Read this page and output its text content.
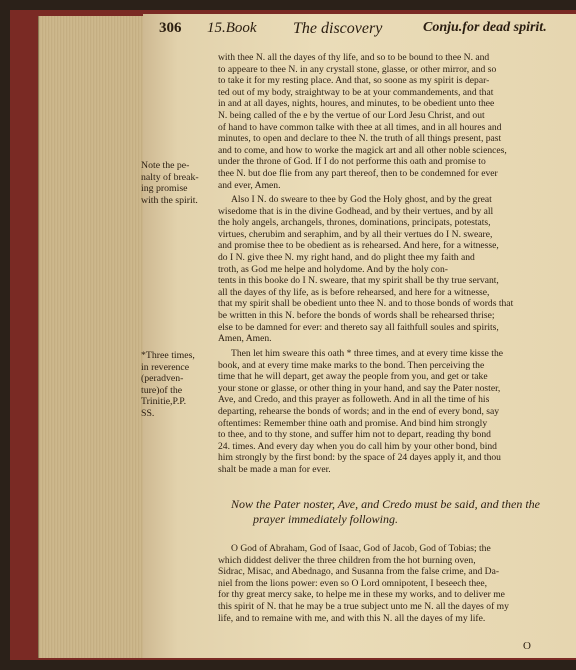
306 15.Book The discovery	Conju.for dead spirit.
with thee N. all the dayes of thy life, and so to be bound to thee N. and
to appeare to thee N. in any crystall stone, glasse, or other mirror, and so
to take it for my resting place. And that, so soone as my spirit is depar-
ted out of my body, straightway to be at your commandements, and that
in and at all dayes, nights, houres, and minutes, to be obedient unto thee
N. being called of the e by the vertue of our Lord Jesu Christ, and out
of hand to have common talke with thee at all times, and in all houres and
minutes, to open and declare to thee N. the truth of all things present, past
and to come, and how to worke the magick art and all other noble sciences,
under the throne of God. If I do not performe this oath and promise to
thee N. but doe flie from any part thereof, then to be condemned for ever
and ever, Amen.
Also I N. do sweare to thee by God the Holy ghost, and by the great
wisedome that is in the divine Godhead, and by their vertues, and by all
the holy angels, archangels, thrones, dominations, principats, potestats,
virtues, cherubim and seraphim, and by all their vertues do I N. sweare,
and promise thee to be obedient as is rehearsed. And here, for a witnesse,
do I N. give thee N. my right hand, and do plight thee my faith and
troth, as God me helpe and holydome. And by the holy con-
tents in this booke do I N. sweare, that my spirit shall be thy true servant,
all the dayes of thy life, as is before rehearsed, and here for a witnesse,
that my spirit shall be obedient unto thee N. and to those bonds of words that
be written in this N. before the bonds of words shall be rehearsed thrise;
else to be damned for ever: and thereto say all faithfull soules and spirits,
Amen, Amen.
Then let him sweare this oath * three times, and at every time kisse the
book, and at every time make marks to the bond. Then perceiving the
time that he will depart, get away the people from you, and get or take
your stone or glasse, or other thing in your hand, and say the Pater noster,
Ave, and Credo, and this prayer as followeth. And in all the time of his
departing, rehearse the bonds of words; and in the end of every bond, say
oftentimes: Remember thine oath and promise. And bind him strongly
to thee, and to thy stone, and suffer him not to depart, reading thy bond
24. times. And every day when you do call him by your other bond, bind
him strongly by the first bond: by the space of 24 dayes apply it, and thou
shalt be made a man for ever.
O God of Abraham, God of Isaac, God of Jacob, God of Tobias; the
which diddest deliver the three children from the hot burning oven,
Sidrac, Misac, and Abednago, and Susanna from the false crime, and Da-
niel from the lions power: even so O Lord omnipotent, I beseech thee,
for thy great mercy sake, to helpe me in these my works, and to deliver me
this spirit of N. that he may be a true subject unto me N. all the dayes of my
life, and to remaine with me, and with this N. all the dayes of my life.
Now the Pater noster, Ave, and Credo must be said, and then the
prayer immediately following.
Note the pe-
nalty of break-
ing promise
with the spirit.
*Three times,
in reverence
(peradven-
ture)of the
Trinitie,P.P.
SS.
O
